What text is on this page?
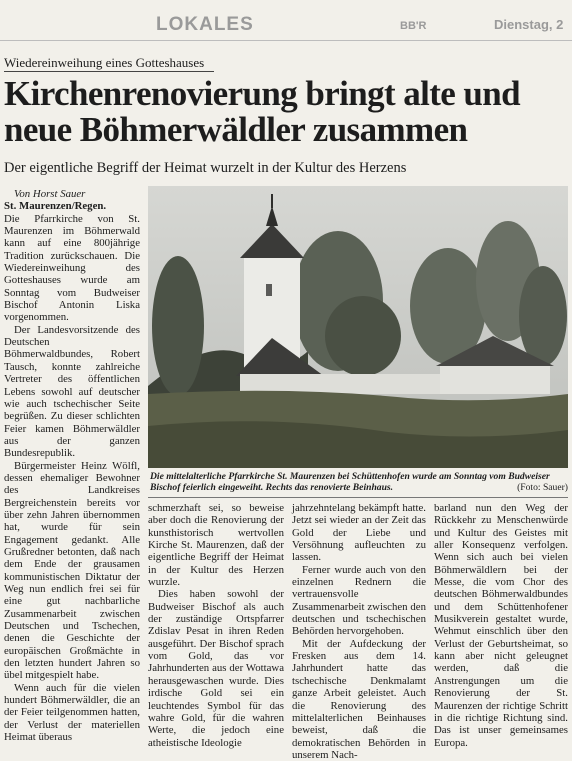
LOKALES	BB'R	Dienstag, 2
Wiedereinweihung eines Gotteshauses
Kirchenrenovierung bringt alte und neue Böhmerwäldler zusammen
Der eigentliche Begriff der Heimat wurzelt in der Kultur des Herzens

Von Horst Sauer

St. Maurenzen/Regen.
Die Pfarrkirche von St. Maurenzen im Böhmerwald kann auf eine 800jährige Tradition zurückschauen. Die Wiedereinweihung des Gotteshauses wurde am Sonntag vom Budweiser Bischof Antonin Liska vorgenommen.

Der Landesvorsitzende des Deutschen Böhmerwaldbundes, Robert Tausch, konnte zahlreiche Vertreter des öffentlichen Lebens sowohl auf deutscher wie auch tschechischer Seite begrüßen. Zu dieser schlichten Feier kamen Böhmerwäldler aus der ganzen Bundesrepublik.

Bürgermeister Heinz Wölfl, dessen ehemaliger Bewohner des Landkreises Bergreichenstein bereits vor über zehn Jahren übernommen hat, wurde für sein Engagement gedankt. Alle Grußredner betonten, daß nach dem Ende der grausamen kommunistischen Diktatur der Weg nun endlich frei sei für eine gut nachbarliche Zusammenarbeit zwischen Deutschen und Tschechen, denen die Geschichte der europäischen Großmächte in den letzten hundert Jahren so übel mitgespielt habe.

Wenn auch für die vielen hundert Böhmerwäldler, die an der Feier teilgenommen hatten, der Verlust der materiellen Heimat überaus

Die mittelalterliche Pfarrkirche St. Maurenzen bei Schüttenhofen wurde am Sonntag vom Budweiser Bischof feierlich eingeweiht. Rechts das renovierte Beinhaus.	(Foto: Sauer)

schmerzhaft sei, so beweise aber doch die Renovierung der kunsthistorisch wertvollen Kirche St. Maurenzen, daß der eigentliche Begriff der Heimat in der Kultur des Herzen wurzle.

Dies haben sowohl der Budweiser Bischof als auch der zuständige Ortspfarrer Zdislav Pesat in ihren Reden ausgeführt. Der Bischof sprach vom Gold, das vor Jahrhunderten aus der Wottawa herausgewaschen wurde. Dies irdische Gold sei ein leuchtendes Symbol für das wahre Gold, für die wahren Werte, die jedoch eine atheistische Ideologie

jahrzehntelang bekämpft hatte. Jetzt sei wieder an der Zeit das Gold der Liebe und Versöhnung aufleuchten zu lassen.

Ferner wurde auch von den einzelnen Rednern die vertrauensvolle Zusammenarbeit zwischen den deutschen und tschechischen Behörden hervorgehoben.

Mit der Aufdeckung der Fresken aus dem 14. Jahrhundert hatte das tschechische Denkmalamt ganze Arbeit geleistet. Auch die Renovierung des mittelalterlichen Beinhauses beweist, daß die demokratischen Behörden in unserem Nach-

barland nun den Weg der Rückkehr zu Menschenwürde und Kultur des Geistes mit aller Konsequenz verfolgen. Wenn sich auch bei vielen Böhmerwäldlern bei der Messe, die vom Chor des deutschen Böhmerwaldbundes und dem Schüttenhofener Musikverein gestaltet wurde, Wehmut einschlich über den Verlust der Geburtsheimat, so kann aber nicht geleugnet werden, daß die Anstrengungen um die Renovierung der St. Maurenzen der richtige Schritt in die richtige Richtung sind. Das ist unser gemeinsames Europa.
